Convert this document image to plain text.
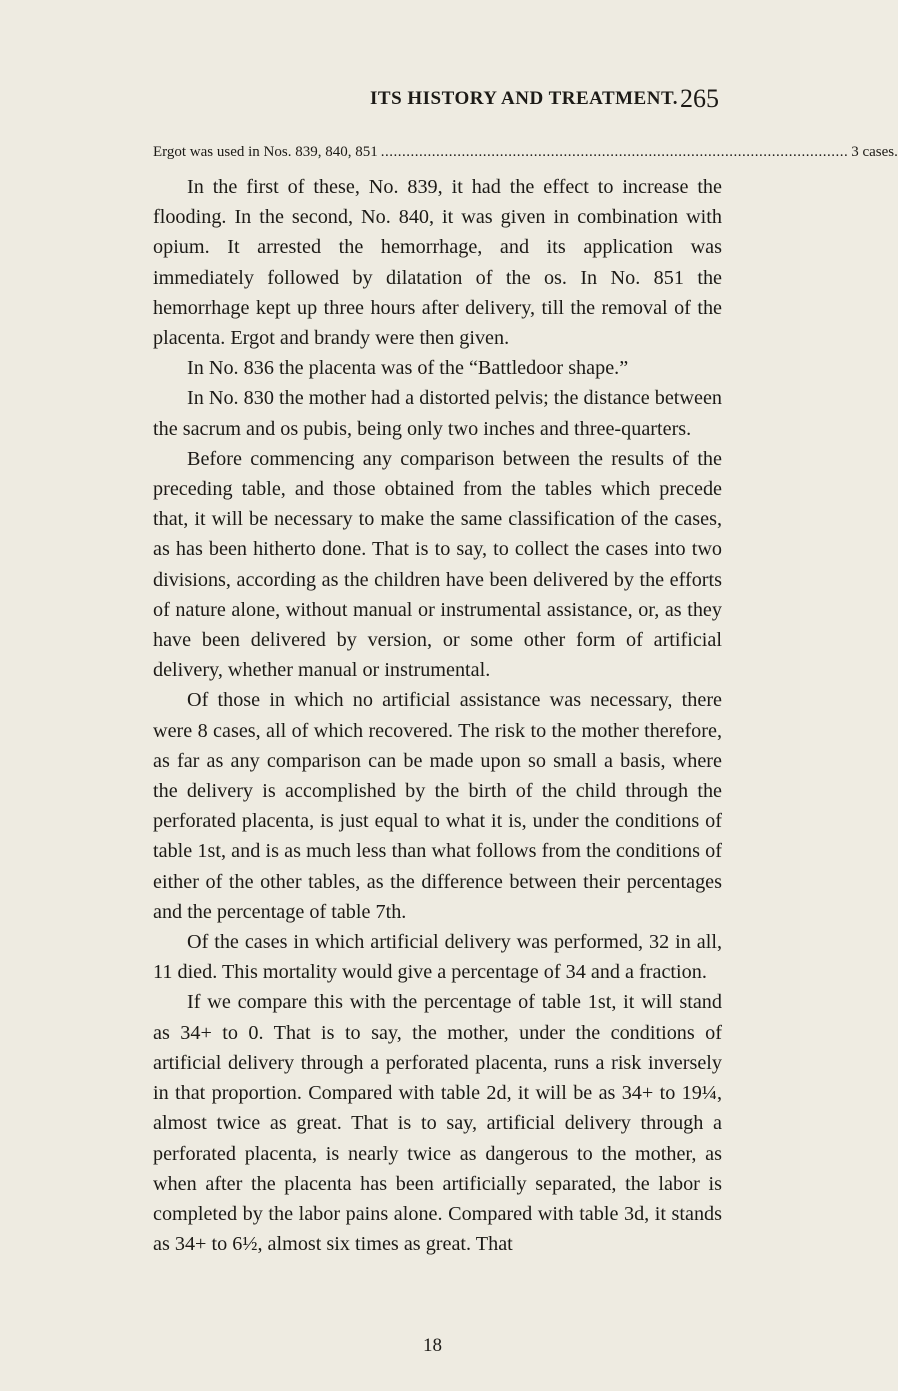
ITS HISTORY AND TREATMENT. 265
Ergot was used in Nos. 839, 840, 851 .............................................................................................................. 3 cases.

In the first of these, No. 839, it had the effect to increase the flooding. In the second, No. 840, it was given in combination with opium. It arrested the hemorrhage, and its application was immediately followed by dilatation of the os. In No. 851 the hemorrhage kept up three hours after delivery, till the removal of the placenta. Ergot and brandy were then given.

In No. 836 the placenta was of the “Battledoor shape.”

In No. 830 the mother had a distorted pelvis; the distance between the sacrum and os pubis, being only two inches and three-quarters.

Before commencing any comparison between the results of the preceding table, and those obtained from the tables which precede that, it will be necessary to make the same classification of the cases, as has been hitherto done. That is to say, to collect the cases into two divisions, according as the children have been delivered by the efforts of nature alone, without manual or instrumental assistance, or, as they have been delivered by version, or some other form of artificial delivery, whether manual or instrumental.

Of those in which no artificial assistance was necessary, there were 8 cases, all of which recovered. The risk to the mother therefore, as far as any comparison can be made upon so small a basis, where the delivery is accomplished by the birth of the child through the perforated placenta, is just equal to what it is, under the conditions of table 1st, and is as much less than what follows from the conditions of either of the other tables, as the difference between their percentages and the percentage of table 7th.

Of the cases in which artificial delivery was performed, 32 in all, 11 died. This mortality would give a percentage of 34 and a fraction.

If we compare this with the percentage of table 1st, it will stand as 34+ to 0. That is to say, the mother, under the conditions of artificial delivery through a perforated placenta, runs a risk inversely in that proportion. Compared with table 2d, it will be as 34+ to 19¼, almost twice as great. That is to say, artificial delivery through a perforated placenta, is nearly twice as dangerous to the mother, as when after the placenta has been artificially separated, the labor is completed by the labor pains alone. Compared with table 3d, it stands as 34+ to 6½, almost six times as great. That

18
